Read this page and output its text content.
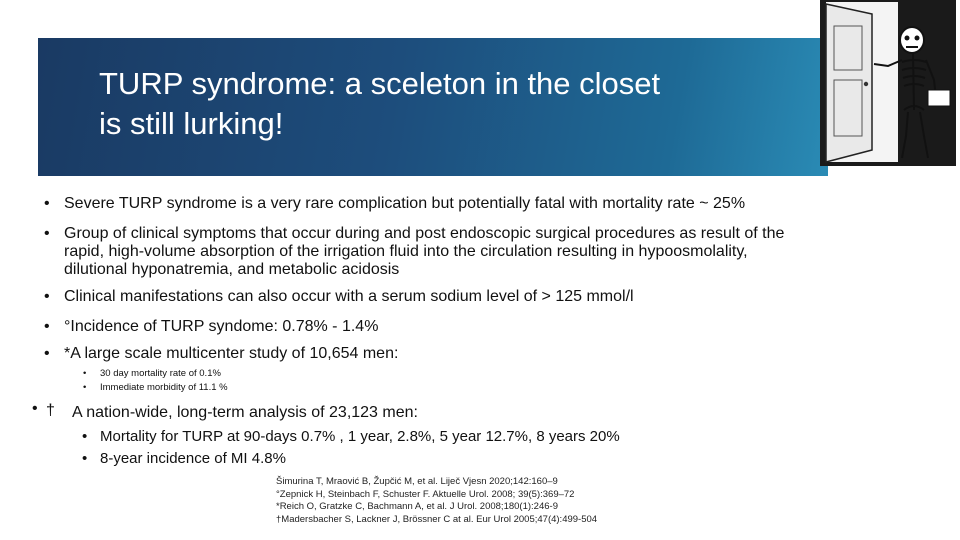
TURP syndrome: a sceleton in the closet
is still lurking!
• Severe TURP syndrome is a very rare complication but potentially fatal with mortality rate ~ 25%
• Group of clinical symptoms that occur during and post endoscopic surgical procedures as result of the
rapid, high-volume absorption of the irrigation fluid into the circulation resulting in hypoosmolality,
dilutional hyponatremia, and metabolic acidosis
• Clinical manifestations can also occur with a serum sodium level of > 125 mmol/l
• °Incidence of TURP syndome: 0.78% - 1.4%
• *A large scale multicenter study of 10,654 men:
• 30 day mortality rate of 0.1%
• Immediate morbidity of 11.1 %
• † A nation-wide, long-term analysis of 23,123 men:
• Mortality for TURP at 90-days 0.7% , 1 year, 2.8%, 5 year 12.7%, 8 years 20%
• 8-year incidence of MI 4.8%
Šimurina T, Mraović B, Župčić M, et al. Liječ Vjesn 2020;142:160–9
°Zepnick H, Steinbach F, Schuster F. Aktuelle Urol. 2008; 39(5):369–72
*Reich O, Gratzke C, Bachmann A, et al. J Urol. 2008;180(1):246-9
†Madersbacher S, Lackner J, Brössner C at al. Eur Urol 2005;47(4):499-504
